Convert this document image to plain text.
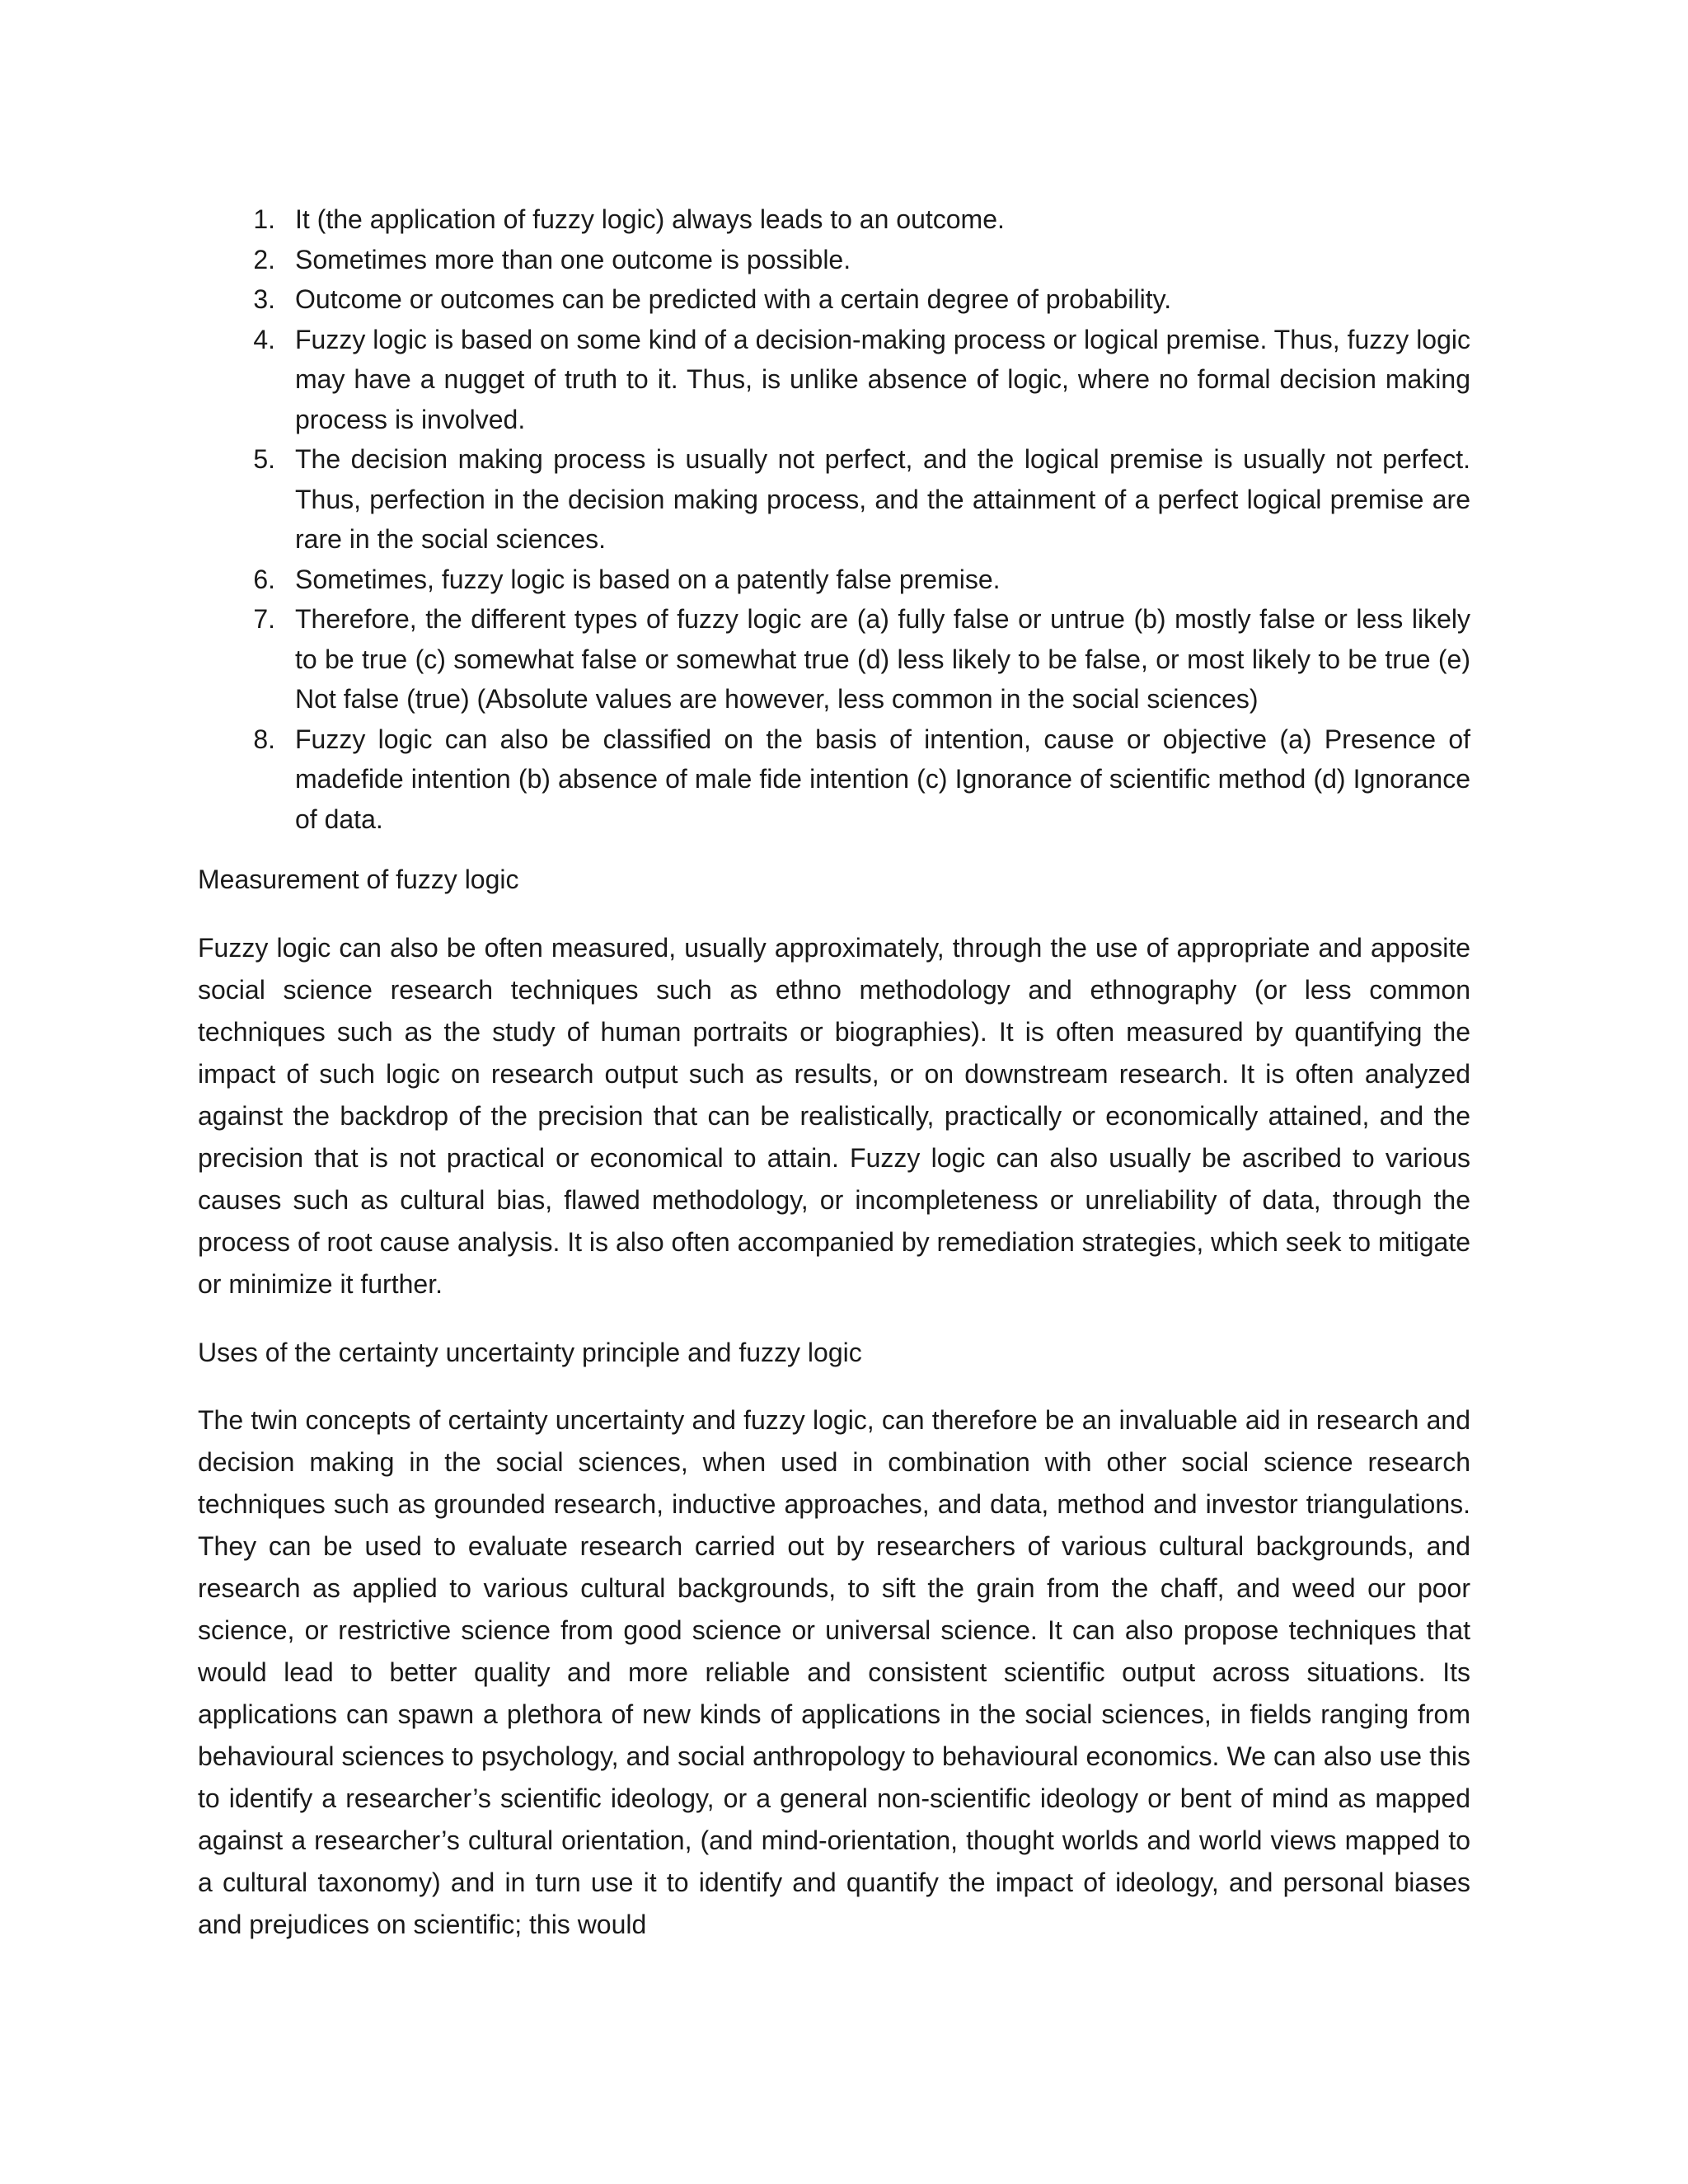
1. It (the application of fuzzy logic) always leads to an outcome.
2. Sometimes more than one outcome is possible.
3. Outcome or outcomes can be predicted with a certain degree of probability.
4. Fuzzy logic is based on some kind of a decision-making process or logical premise. Thus, fuzzy logic may have a nugget of truth to it. Thus, is unlike absence of logic, where no formal decision making process is involved.
5. The decision making process is usually not perfect, and the logical premise is usually not perfect. Thus, perfection in the decision making process, and the attainment of a perfect logical premise are rare in the social sciences.
6. Sometimes, fuzzy logic is based on a patently false premise.
7. Therefore, the different types of fuzzy logic are (a) fully false or untrue (b) mostly false or less likely to be true (c) somewhat false or somewhat true (d) less likely to be false, or most likely to be true (e) Not false (true) (Absolute values are however, less common in the social sciences)
8. Fuzzy logic can also be classified on the basis of intention, cause or objective (a) Presence of madefide intention (b) absence of male fide intention (c) Ignorance of scientific method (d) Ignorance of data.

Measurement of fuzzy logic

Fuzzy logic can also be often measured, usually approximately, through the use of appropriate and apposite social science research techniques such as ethno methodology and ethnography (or less common techniques such as the study of human portraits or biographies). It is often measured by quantifying the impact of such logic on research output such as results, or on downstream research. It is often analyzed against the backdrop of the precision that can be realistically, practically or economically attained, and the precision that is not practical or economical to attain. Fuzzy logic can also usually be ascribed to various causes such as cultural bias, flawed methodology, or incompleteness or unreliability of data, through the process of root cause analysis. It is also often accompanied by remediation strategies, which seek to mitigate or minimize it further.

Uses of the certainty uncertainty principle and fuzzy logic

The twin concepts of certainty uncertainty and fuzzy logic, can therefore be an invaluable aid in research and decision making in the social sciences, when used in combination with other social science research techniques such as grounded research, inductive approaches, and data, method and investor triangulations. They can be used to evaluate research carried out by researchers of various cultural backgrounds, and research as applied to various cultural backgrounds, to sift the grain from the chaff, and weed our poor science, or restrictive science from good science or universal science. It can also propose techniques that would lead to better quality and more reliable and consistent scientific output across situations. Its applications can spawn a plethora of new kinds of applications in the social sciences, in fields ranging from behavioural sciences to psychology, and social anthropology to behavioural economics. We can also use this to identify a researcher’s scientific ideology, or a general non-scientific ideology or bent of mind as mapped against a researcher’s cultural orientation, (and mind-orientation, thought worlds and world views mapped to a cultural taxonomy) and in turn use it to identify and quantify the impact of ideology, and personal biases and prejudices on scientific; this would
